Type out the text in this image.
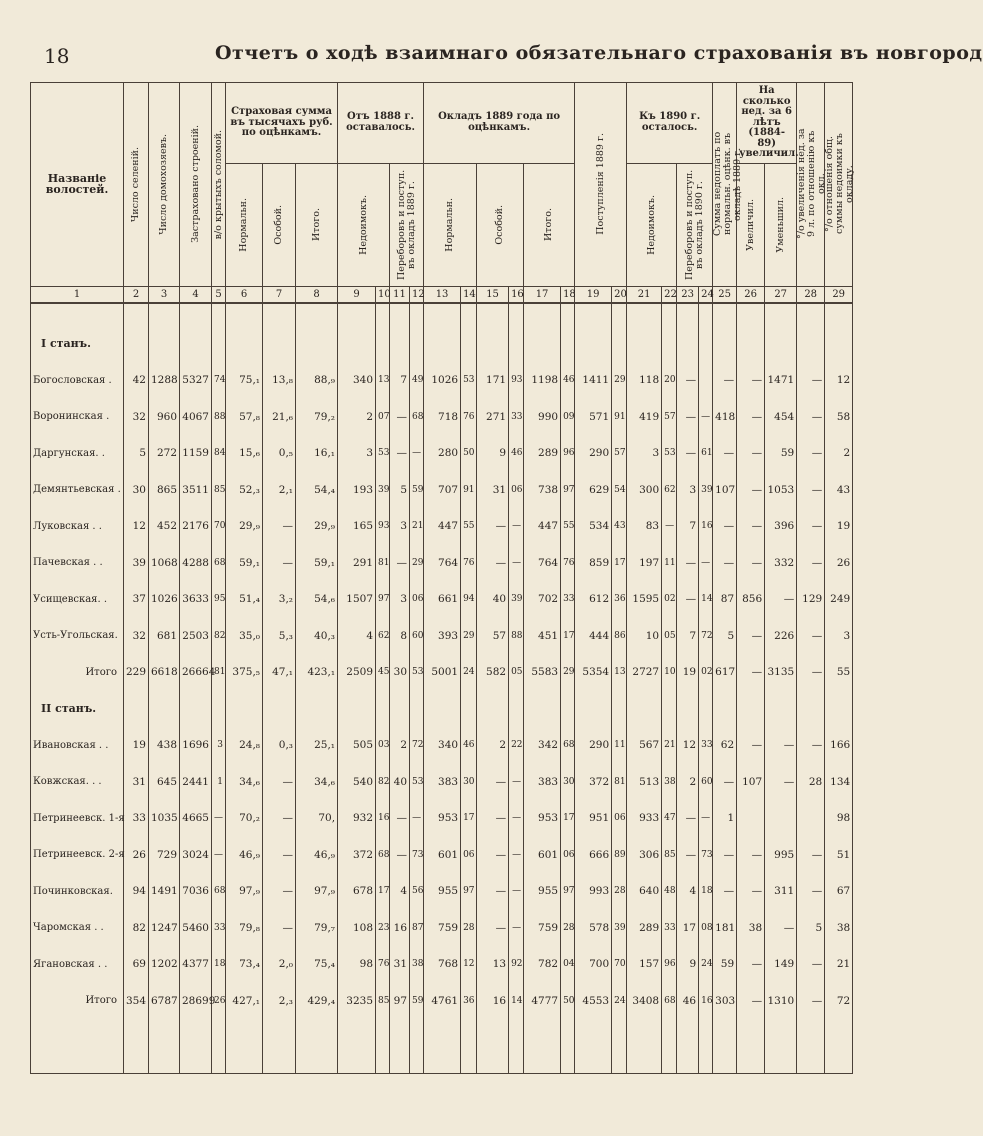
18	Отчетъ о ходѣ взаимнаго обязательнаго страхованія въ новгород
Названіе волостей.	Число селеній.	Число домохозяевъ.	Застраховано строеній.	в/о крытыхъ соломой.	Страховая сумма въ тысячахъ руб. по оцѣнкамъ.			Отъ 1888 г. оставалось.				Окладъ 1889 года по оцѣнкамъ.						Поступленія 1889 г.		Къ 1890 г. осталось.				Сумма недоплатъ по нормальн. оцѣнк. въ окладѣ 1889 г.	На сколько нед. за 6 лѣтъ (1884-89) увеличил.		°/о увеличенія нед. за 9 л. по отношенію къ окл.	°/о отношенія общ. суммы недоимки къ окладу.

					Нормальн.	Особой.	Итого.	Недоимокъ.		Переборовъ и поступ. въ окладъ 1889 г.		Нормальн.		Особой.		Итого.				Недоимокъ.		Переборовъ и поступ. въ окладъ 1890 г.			Увеличил.	Уменьшил.		

1	2	3	4	5	6	7	8	9	10	11	12	13	14	15	16	17	18	19	20	21	22	23	24	25	26	27	28	29

I станъ.																												
Богословская .	42	1288	5327	74	75,₁	13,₈	88,₉	340	13	7	49	1026	53	171	93	1198	46	1411	29	118	20	—		—	—	1471	—	12
Воронинская .	32	960	4067	88	57,₈	21,₆	79,₂	2	07	—	68	718	76	271	33	990	09	571	91	419	57	—	—	418	—	454	—	58
Даргунская. .	5	272	1159	84	15,₆	0,₅	16,₁	3	53	—	—	280	50	9	46	289	96	290	57	3	53	—	61	—	—	59	—	2
Демянтьевская .	30	865	3511	85	52,₃	2,₁	54,₄	193	39	5	59	707	91	31	06	738	97	629	54	300	62	3	39	107	—	1053	—	43
Луковская . .	12	452	2176	70	29,₉	—	29,₉	165	93	3	21	447	55	—	—	447	55	534	43	83	—	7	16	—	—	396	—	19
Пачевская . .	39	1068	4288	68	59,₁	—	59,₁	291	81	—	29	764	76	—	—	764	76	859	17	197	11	—	—	—	—	332	—	26
Усищевская. .	37	1026	3633	95	51,₄	3,₂	54,₆	1507	97	3	06	661	94	40	39	702	33	612	36	1595	02	—	14	87	856	—	129	249
Усть-Угольская.	32	681	2503	82	35,₀	5,₃	40,₃	4	62	8	60	393	29	57	88	451	17	444	86	10	05	7	72	5	—	226	—	3
Итого	229	6618	26664	81	375,₅	47,₁	423,₁	2509	45	30	53	5001	24	582	05	5583	29	5354	13	2727	10	19	02	617	—	3135	—	55
II станъ.																												
Ивановская . .	19	438	1696	3	24,₈	0,₃	25,₁	505	03	2	72	340	46	2	22	342	68	290	11	567	21	12	33	62	—	—	—	166
Ковжская. . .	31	645	2441	1	34,₆	—	34,₆	540	82	40	53	383	30	—	—	383	30	372	81	513	38	2	60	—	107	—	28	134
Петринеевск. 1-я	33	1035	4665	—	70,₂	—	70,	932	16	—	—	953	17	—	—	953	17	951	06	933	47	—	—	1				98
Петринеевск. 2-я	26	729	3024	—	46,₉	—	46,₉	372	68	—	73	601	06	—	—	601	06	666	89	306	85	—	73	—	—	995	—	51
Починковская.	94	1491	7036	68	97,₉	—	97,₉	678	17	4	56	955	97	—	—	955	97	993	28	640	48	4	18	—	—	311	—	67
Чаромская . .	82	1247	5460	33	79,₈	—	79,₇	108	23	16	87	759	28	—	—	759	28	578	39	289	33	17	08	181	38	—	5	38
Ягановская . .	69	1202	4377	18	73,₄	2,₀	75,₄	98	76	31	38	768	12	13	92	782	04	700	70	157	96	9	24	59	—	149	—	21
Итого	354	6787	28699	26	427,₁	2,₃	429,₄	3235	85	97	59	4761	36	16	14	4777	50	4553	24	3408	68	46	16	303	—	1310	—	72
